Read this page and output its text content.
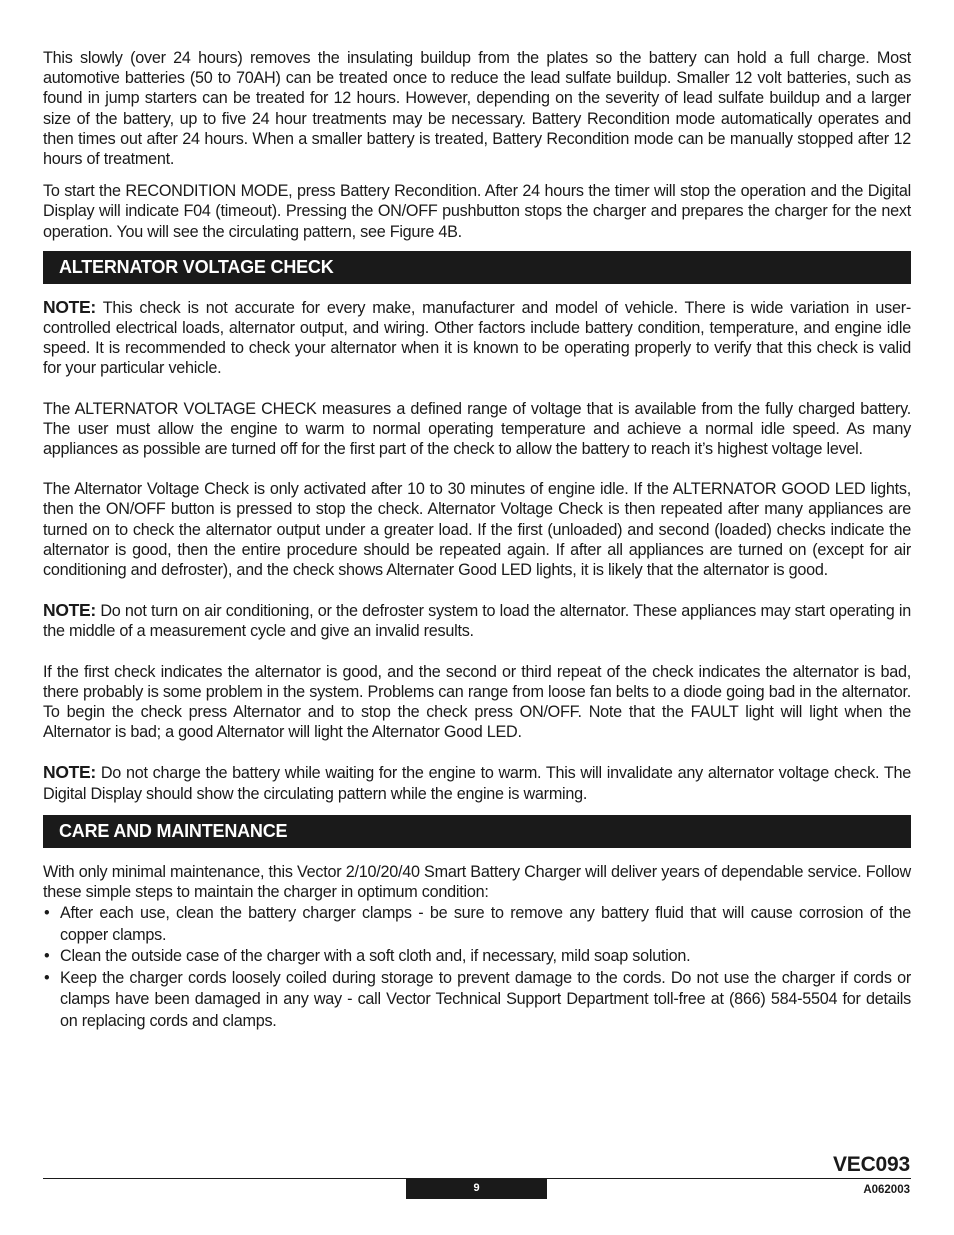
This slowly (over 24 hours) removes the insulating buildup from the plates so the battery can hold a full charge. Most automotive batteries (50 to 70AH) can be treated once to reduce the lead sulfate buildup. Smaller 12 volt batteries, such as found in jump starters can be treated for 12 hours. However, depending on the severity of lead sulfate buildup and a larger size of the battery, up to five 24 hour treatments may be necessary. Battery Recondition mode automatically operates and then times out after 24 hours. When a smaller battery is treated, Battery Recondition mode can be manually stopped after 12 hours of treatment.

To start the RECONDITION MODE, press Battery Recondition. After 24 hours the timer will stop the operation and the Digital Display will indicate F04 (timeout). Pressing the ON/OFF pushbutton stops the charger and prepares the charger for the next operation. You will see the circulating pattern, see Figure 4B.

ALTERNATOR VOLTAGE CHECK

NOTE: This check is not accurate for every make, manufacturer and model of vehicle. There is wide variation in user-controlled electrical loads, alternator output, and wiring. Other factors include battery condition, temperature, and engine idle speed. It is recommended to check your alternator when it is known to be operating properly to verify that this check is valid for your particular vehicle.

The ALTERNATOR VOLTAGE CHECK measures a defined range of voltage that is available from the fully charged battery. The user must allow the engine to warm to normal operating temperature and achieve a normal idle speed. As many appliances as possible are turned off for the first part of the check to allow the battery to reach it’s highest voltage level.

The Alternator Voltage Check is only activated after 10 to 30 minutes of engine idle. If the ALTERNATOR GOOD LED lights, then the ON/OFF button is pressed to stop the check. Alternator Voltage Check is then repeated after many appliances are turned on to check the alternator output under a greater load. If the first (unloaded) and second (loaded) checks indicate the alternator is good, then the entire procedure should be repeated again. If after all appliances are turned on (except for air conditioning and defroster), and the check shows Alternater Good LED lights, it is likely that the alternator is good.

NOTE: Do not turn on air conditioning, or the defroster system to load the alternator. These appliances may start operating in the middle of a measurement cycle and give an invalid results.

If the first check indicates the alternator is good, and the second or third repeat of the check indicates the alternator is bad, there probably is some problem in the system. Problems can range from loose fan belts to a diode going bad in the alternator. To begin the check press Alternator and to stop the check press ON/OFF. Note that the FAULT light will light when the Alternator is bad; a good Alternator will light the Alternator Good LED.

NOTE: Do not charge the battery while waiting for the engine to warm. This will invalidate any alternator voltage check. The Digital Display should show the circulating pattern while the engine is warming.

CARE AND MAINTENANCE

With only minimal maintenance, this Vector 2/10/20/40 Smart Battery Charger will deliver years of dependable service. Follow these simple steps to maintain the charger in optimum condition:

• After each use, clean the battery charger clamps - be sure to remove any battery fluid that will cause corrosion of the copper clamps.
• Clean the outside case of the charger with a soft cloth and, if necessary, mild soap solution.
• Keep the charger cords loosely coiled during storage to prevent damage to the cords. Do not use the charger if cords or clamps have been damaged in any way - call Vector Technical Support Department toll-free at (866) 584-5504 for details on replacing cords and clamps.
VEC093
9	A062003
